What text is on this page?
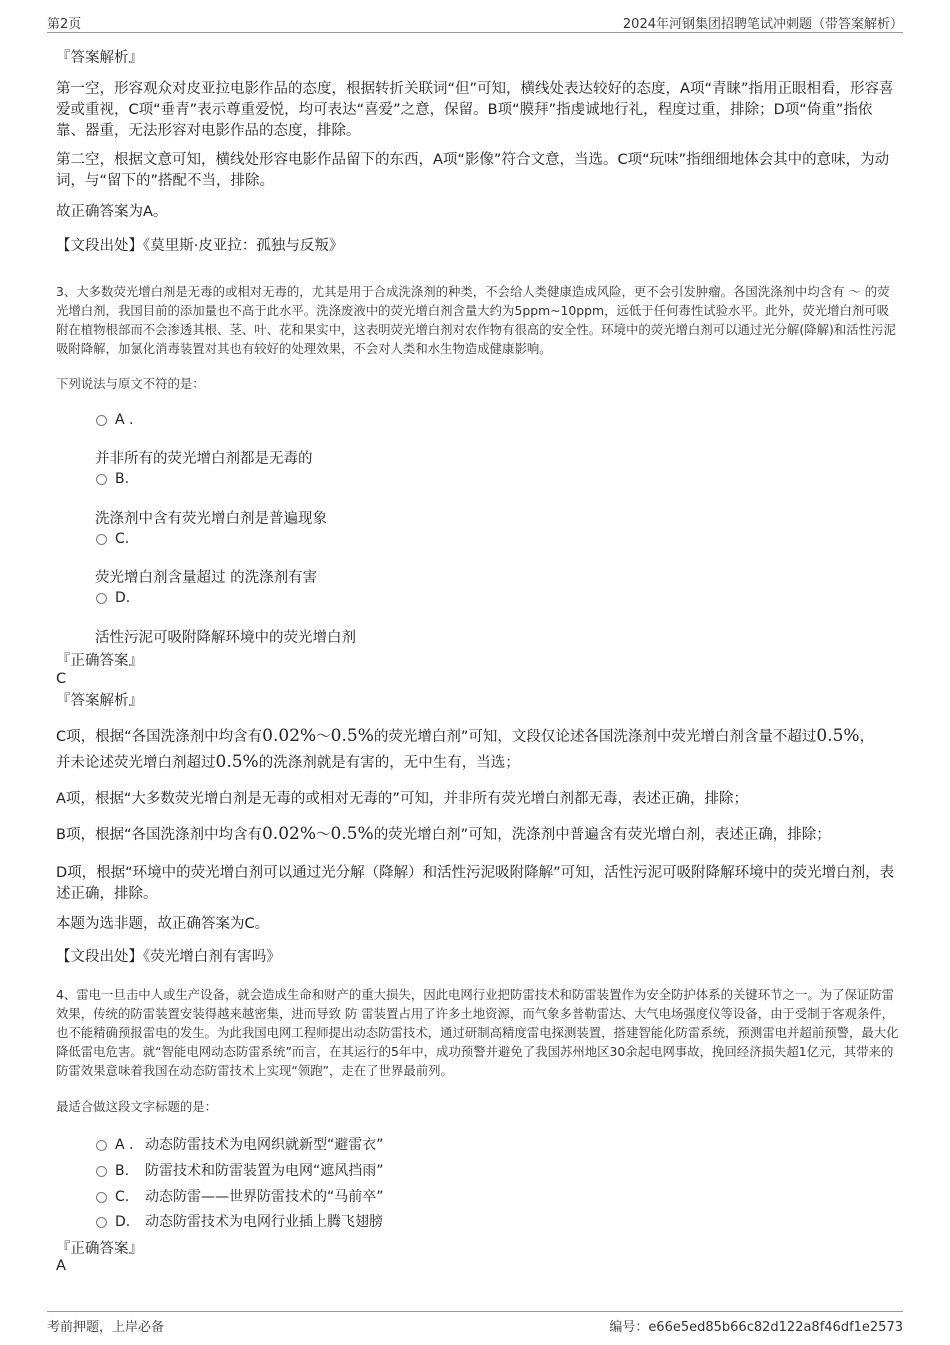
第2页	2024年河钢集团招聘笔试冲刺题（带答案解析）
『答案解析』

第一空，形容观众对皮亚拉电影作品的态度，根据转折关联词“但”可知，横线处表达较好的态度，A项“青睐”指用正眼相看，形容喜爱或重视，C项“垂青”表示尊重爱悦，均可表达“喜爱”之意，保留。B项“膜拜”指虔诚地行礼，程度过重，排除；D项“倚重”指依靠、器重，无法形容对电影作品的态度，排除。

第二空，根据文意可知，横线处形容电影作品留下的东西，A项“影像”符合文意，当选。C项“玩味”指细细地体会其中的意味，为动词，与“留下的”搭配不当，排除。

故正确答案为A。

【文段出处】《莫里斯·皮亚拉：孤独与反叛》

3、大多数荧光增白剂是无毒的或相对无毒的，尤其是用于合成洗涤剂的种类，不会给人类健康造成风险，更不会引发肿瘤。各国洗涤剂中均含有 ～ 的荧光增白剂，我国目前的添加量也不高于此水平。洗涤废液中的荧光增白剂含量大约为5ppm~10ppm，远低于任何毒性试验水平。此外，荧光增白剂可吸附在植物根部而不会渗透其根、茎、叶、花和果实中，这表明荧光增白剂对农作物有很高的安全性。环境中的荧光增白剂可以通过光分解(降解)和活性污泥吸附降解，加氯化消毒装置对其也有较好的处理效果，不会对人类和水生物造成健康影响。

下列说法与原文不符的是：

A .
并非所有的荧光增白剂都是无毒的
B.
洗涤剂中含有荧光增白剂是普遍现象
C.
荧光增白剂含量超过 的洗涤剂有害
D.
活性污泥可吸附降解环境中的荧光增白剂
『正确答案』
C
『答案解析』
C项，根据“各国洗涤剂中均含有0.02%～0.5%的荧光增白剂”可知，文段仅论述各国洗涤剂中荧光增白剂含量不超过0.5%，
并未论述荧光增白剂超过0.5%的洗涤剂就是有害的，无中生有，当选；

A项，根据“大多数荧光增白剂是无毒的或相对无毒的”可知，并非所有荧光增白剂都无毒，表述正确，排除；

B项，根据“各国洗涤剂中均含有0.02%～0.5%的荧光增白剂”可知，洗涤剂中普遍含有荧光增白剂，表述正确，排除；

D项，根据“环境中的荧光增白剂可以通过光分解（降解）和活性污泥吸附降解”可知，活性污泥可吸附降解环境中的荧光增白剂，表述正确，排除。

本题为选非题，故正确答案为C。

【文段出处】《荧光增白剂有害吗》

4、雷电一旦击中人或生产设备，就会造成生命和财产的重大损失，因此电网行业把防雷技术和防雷装置作为安全防护体系的关键环节之一。为了保证防雷效果，传统的防雷装置安装得越来越密集，进而导致 防 雷装置占用了许多土地资源，而气象多普勒雷达、大气电场强度仪等设备，由于受制于客观条件，也不能精确预报雷电的发生。为此我国电网工程师提出动态防雷技术，通过研制高精度雷电探测装置，搭建智能化防雷系统，预测雷电并超前预警，最大化降低雷电危害。就“智能电网动态防雷系统”而言，在其运行的5年中，成功预警并避免了我国苏州地区30余起电网事故，挽回经济损失超1亿元，其带来的防雷效果意味着我国在动态防雷技术上实现“领跑”，走在了世界最前列。

最适合做这段文字标题的是：

A . 动态防雷技术为电网织就新型“避雷衣”
B. 防雷技术和防雷装置为电网“遮风挡雨”
C. 动态防雷——世界防雷技术的“马前卒”
D. 动态防雷技术为电网行业插上腾飞翅膀
『正确答案』
A
考前押题，上岸必备	编号：e66e5ed85b66c82d122a8f46df1e2573
